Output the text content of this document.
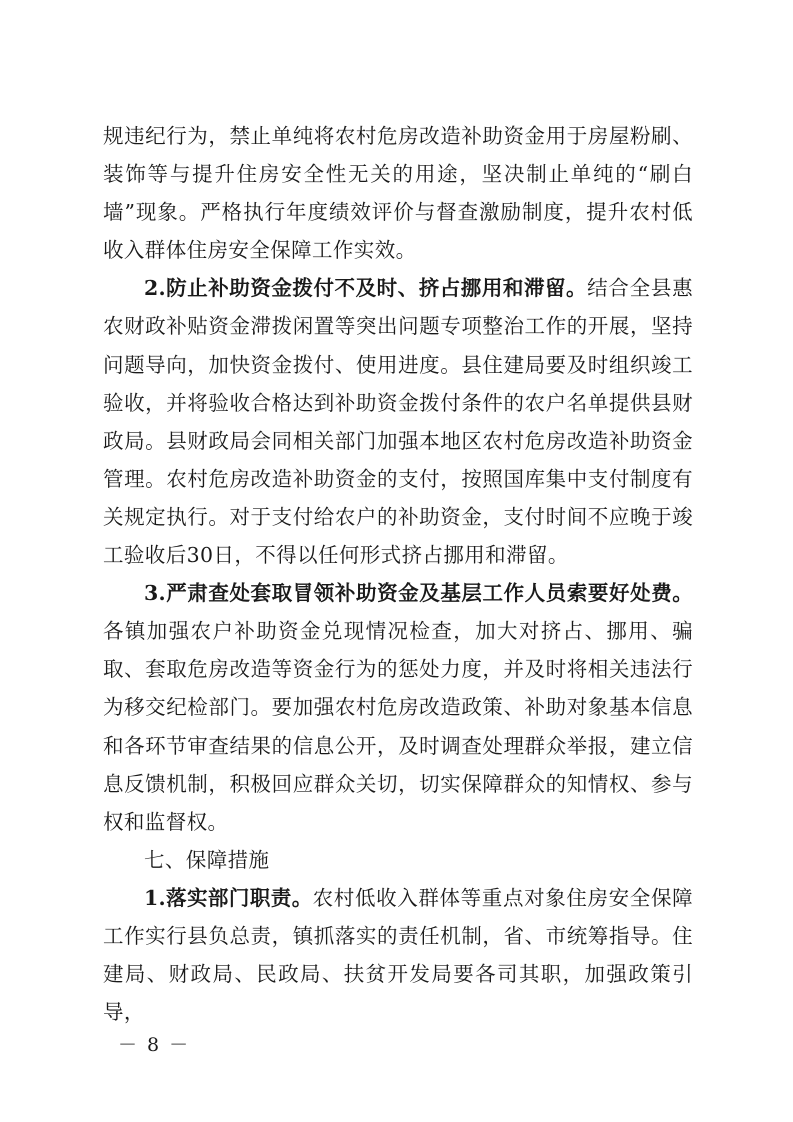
规违纪行为，禁止单纯将农村危房改造补助资金用于房屋粉刷、装饰等与提升住房安全性无关的用途，坚决制止单纯的“刷白墙”现象。严格执行年度绩效评价与督查激励制度，提升农村低收入群体住房安全保障工作实效。

2.防止补助资金拨付不及时、挤占挪用和滞留。结合全县惠农财政补贴资金滞拨闲置等突出问题专项整治工作的开展，坚持问题导向，加快资金拨付、使用进度。县住建局要及时组织竣工验收，并将验收合格达到补助资金拨付条件的农户名单提供县财政局。县财政局会同相关部门加强本地区农村危房改造补助资金管理。农村危房改造补助资金的支付，按照国库集中支付制度有关规定执行。对于支付给农户的补助资金，支付时间不应晚于竣工验收后30日，不得以任何形式挤占挪用和滞留。

3.严肃查处套取冒领补助资金及基层工作人员索要好处费。各镇加强农户补助资金兑现情况检查，加大对挤占、挪用、骗取、套取危房改造等资金行为的惩处力度，并及时将相关违法行为移交纪检部门。要加强农村危房改造政策、补助对象基本信息和各环节审查结果的信息公开，及时调查处理群众举报，建立信息反馈机制，积极回应群众关切，切实保障群众的知情权、参与权和监督权。

七、保障措施

1.落实部门职责。农村低收入群体等重点对象住房安全保障工作实行县负总责，镇抓落实的责任机制，省、市统筹指导。住建局、财政局、民政局、扶贫开发局要各司其职，加强政策引导，

－ 8 －
